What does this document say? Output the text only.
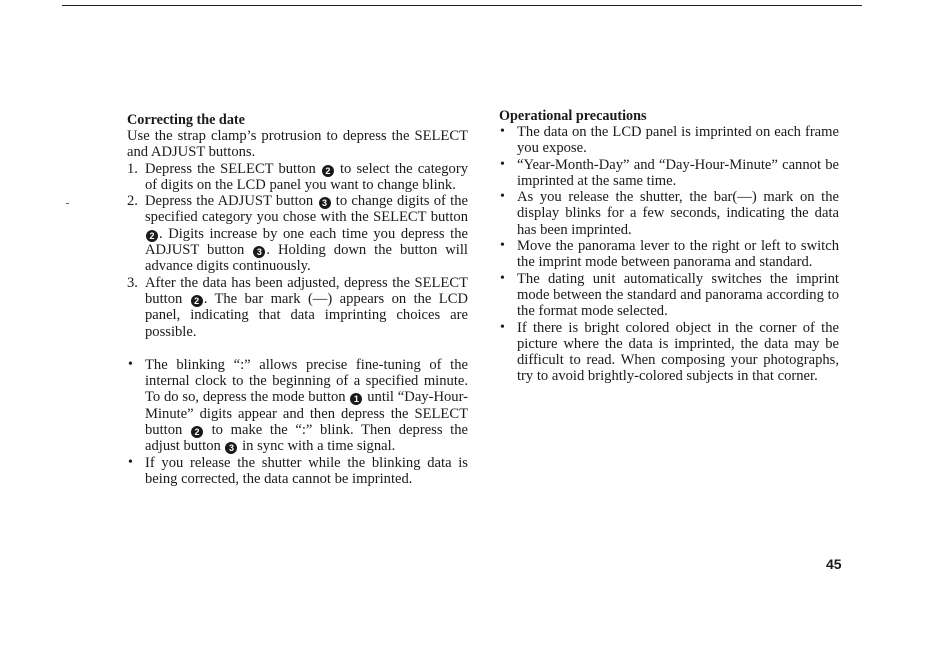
Correcting the date

Use the strap clamp’s protrusion to depress the SELECT and ADJUST buttons.

1. Depress the SELECT button 2 to select the category of digits on the LCD panel you want to change blink.
2. Depress the ADJUST button 3 to change digits of the specified category you chose with the SELECT button 2 . Digits increase by one each time you depress the ADJUST button 3 . Holding down the button will advance digits continuously.
3. After the data has been adjusted, depress the SELECT button 2 . The bar mark (—) appears on the LCD panel, indicating that data imprinting choices are possible.
• The blinking “:” allows precise fine-tuning of the internal clock to the beginning of a specified minute. To do so, depress the mode button 1 until “Day-Hour-Minute” digits appear and then depress the SELECT button 2 to make the “:” blink. Then depress the adjust button 3 in sync with a time signal.
• If you release the shutter while the blinking data is being corrected, the data cannot be imprinted.

Operational precautions

• The data on the LCD panel is imprinted on each frame you expose.
• “Year-Month-Day” and “Day-Hour-Minute” cannot be imprinted at the same time.
• As you release the shutter, the bar(—) mark on the display blinks for a few seconds, indicating the data has been imprinted.
• Move the panorama lever to the right or left to switch the imprint mode between panorama and standard.
• The dating unit automatically switches the imprint mode between the standard and panorama according to the format mode selected.
• If there is bright colored object in the corner of the picture where the data is imprinted, the data may be difficult to read. When composing your photographs, try to avoid brightly-colored subjects in that corner.
45
